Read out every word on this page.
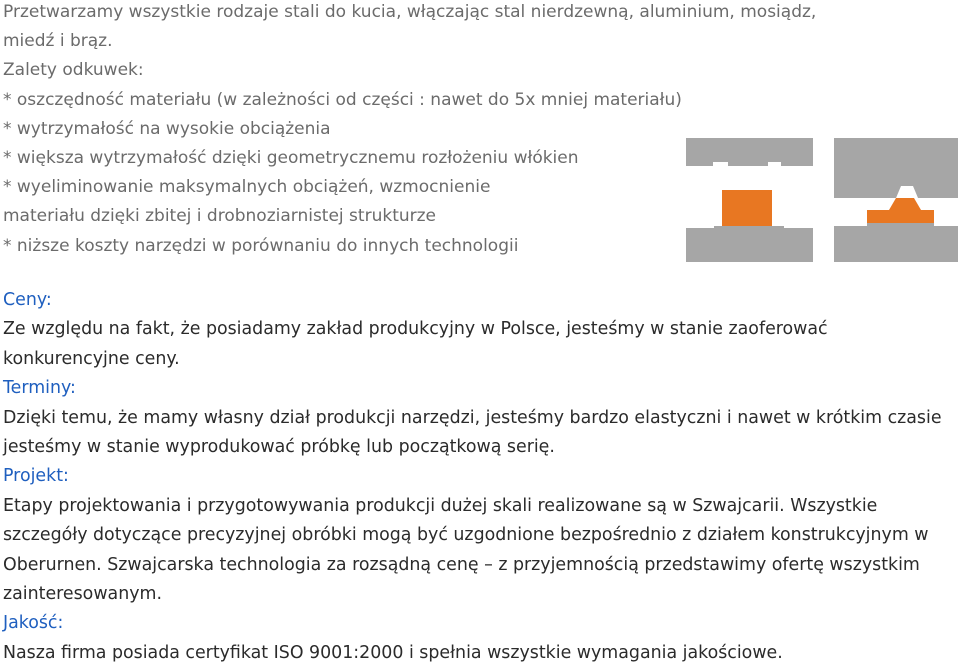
Przetwarzamy wszystkie rodzaje stali do kucia, włączając stal nierdzewną, aluminium, mosiądz,
miedź i brąz.
Zalety odkuwek:
* oszczędność materiału (w zależności od części : nawet do 5x mniej materiału)
* wytrzymałość na wysokie obciążenia
* większa wytrzymałość dzięki geometrycznemu rozłożeniu włókien
* wyeliminowanie maksymalnych obciążeń, wzmocnienie
materiału dzięki zbitej i drobnoziarnistej strukturze
* niższe koszty narzędzi w porównaniu do innych technologii
Ceny:
Ze względu na fakt, że posiadamy zakład produkcyjny w Polsce, jesteśmy w stanie zaoferować konkurencyjne ceny.
Terminy:
Dzięki temu, że mamy własny dział produkcji narzędzi, jesteśmy bardzo elastyczni i nawet w krótkim czasie jesteśmy w stanie wyprodukować próbkę lub początkową serię.
Projekt:
Etapy projektowania i przygotowywania produkcji dużej skali realizowane są w Szwajcarii. Wszystkie szczegóły dotyczące precyzyjnej obróbki mogą być uzgodnione bezpośrednio z działem konstrukcyjnym w Oberurnen. Szwajcarska technologia za rozsądną cenę – z przyjemnością przedstawimy ofertę wszystkim zainteresowanym.
Jakość:
Nasza firma posiada certyfikat ISO 9001:2000 i spełnia wszystkie wymagania jakościowe.
